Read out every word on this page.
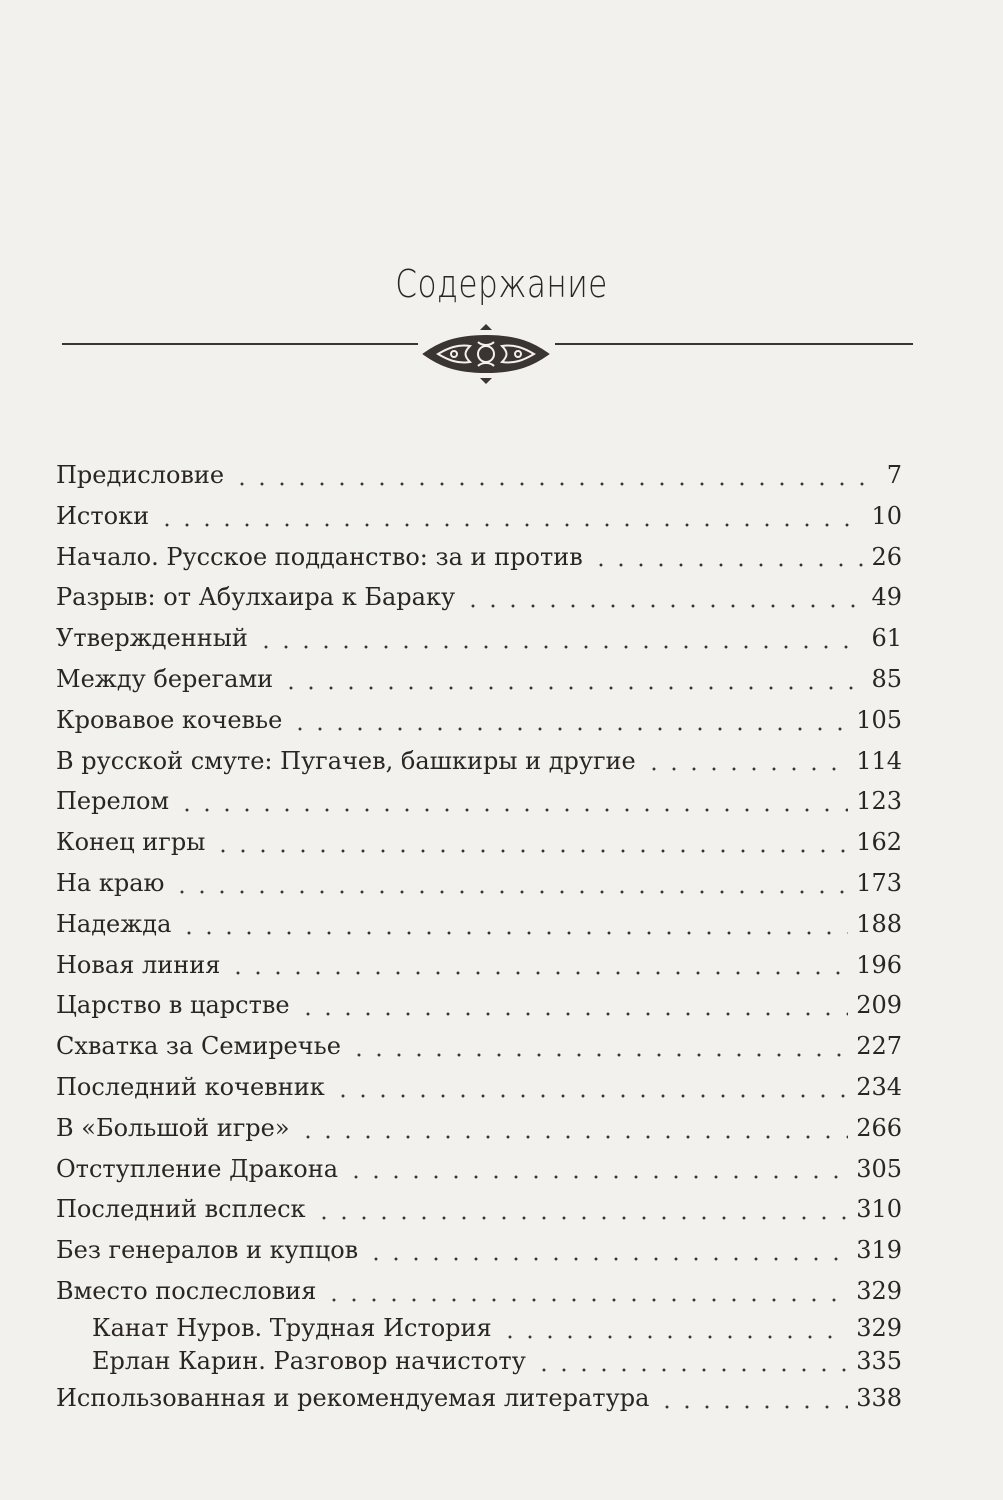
Содержание
Предисловие	7
Истоки	10
Начало. Русское подданство: за и против	26
Разрыв: от Абулхаира к Бараку	49
Утвержденный	61
Между берегами	85
Кровавое кочевье	105
В русской смуте: Пугачев, башкиры и другие	114
Перелом	123
Конец игры	162
На краю	173
Надежда	188
Новая линия	196
Царство в царстве	209
Схватка за Семиречье	227
Последний кочевник	234
В «Большой игре»	266
Отступление Дракона	305
Последний всплеск	310
Без генералов и купцов	319
Вместо послесловия	329
Канат Нуров. Трудная История	329
Ерлан Карин. Разговор начистоту	335
Использованная и рекомендуемая литература	338
